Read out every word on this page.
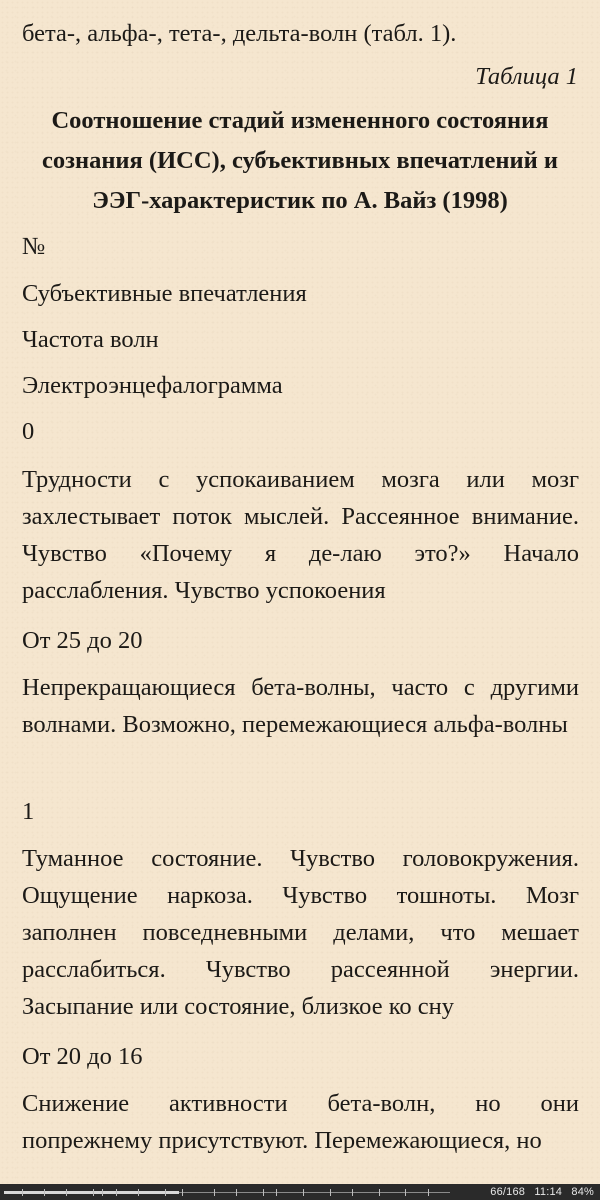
бета-, альфа-, тета-, дельта-волн (табл. 1).

Таблица 1

Соотношение стадий измененного состояния сознания (ИСС), субъективных впечатлений и ЭЭГ-характеристик по А. Вайз (1998)

№

Субъективные впечатления

Частота волн

Электроэнцефалограмма

0

Трудности с успокаиванием мозга или мозг захлестывает поток мыслей. Рассеянное внимание. Чувство «Почему я де-лаю это?» Начало расслабления. Чувство успокоения

От 25 до 20

Непрекращающиеся бета-волны, часто с другими волнами. Возможно, перемежающиеся альфа-волны

1

Туманное состояние. Чувство головокружения. Ощущение наркоза. Чувство тошноты. Мозг заполнен повседневными делами, что мешает расслабиться. Чувство рассеянной энергии. Засыпание или состояние, близкое ко сну

От 20 до 16

Снижение активности бета-волн, но они попрежнему присутствуют. Перемежающиеся, но

66/168 11:14 84%
